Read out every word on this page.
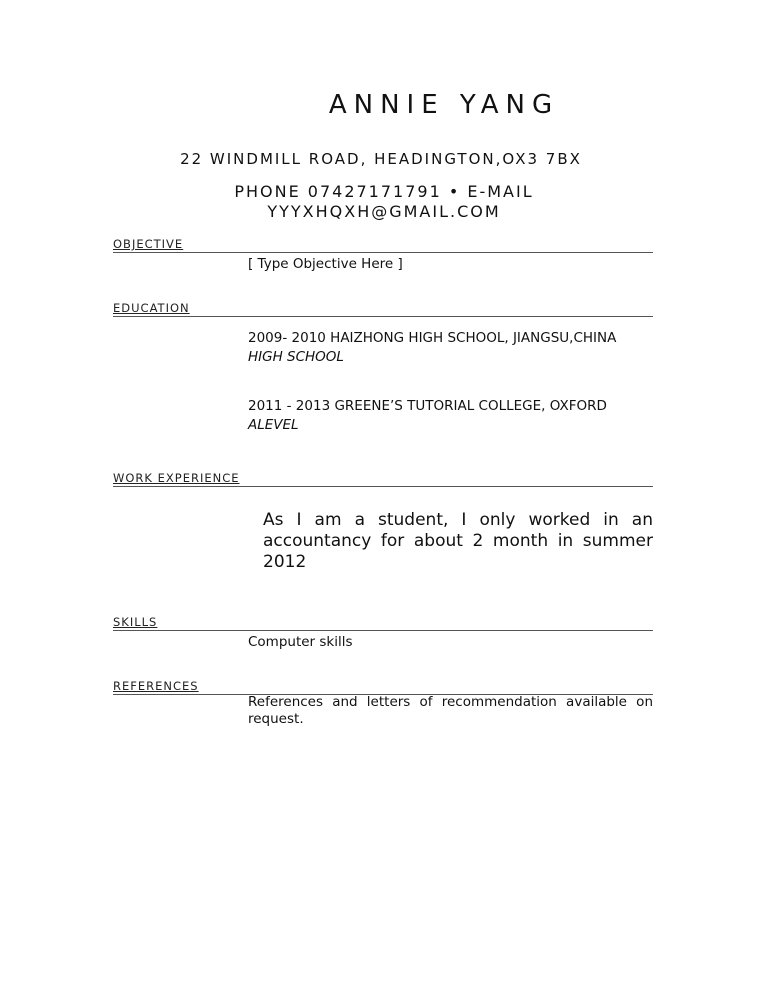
ANNIE YANG
22 WINDMILL ROAD, HEADINGTON,OX3 7BX
PHONE 07427171791 • E-MAIL
YYYXHQXH@GMAIL.COM
OBJECTIVE
[ Type Objective Here ]
EDUCATION
2009- 2010 HAIZHONG HIGH SCHOOL, JIANGSU,CHINA
HIGH SCHOOL
2011 - 2013 GREENE’S TUTORIAL COLLEGE, OXFORD
ALEVEL
WORK EXPERIENCE
As I am a student, I only worked in an accountancy for about 2 month in summer 2012
SKILLS
Computer skills
REFERENCES
References and letters of recommendation available on request.
